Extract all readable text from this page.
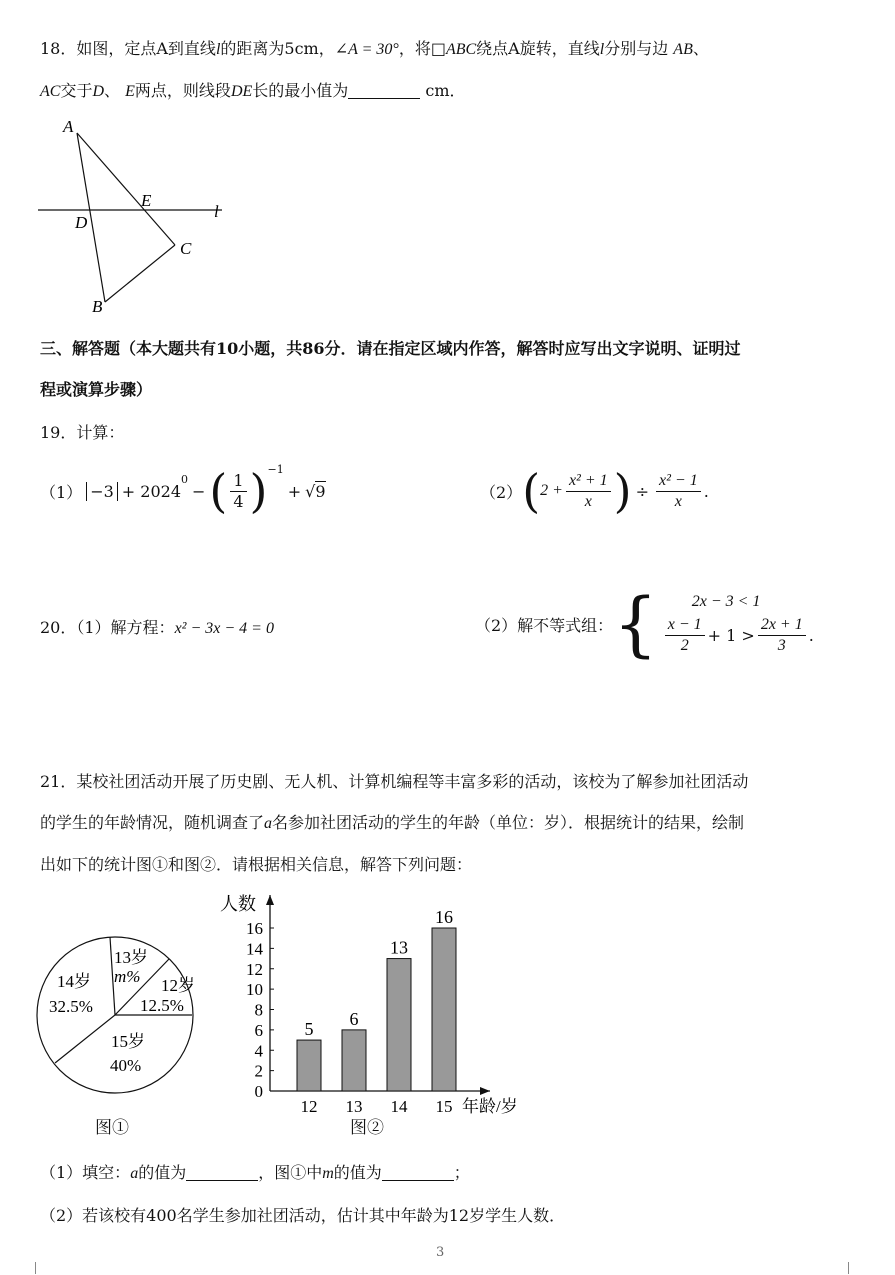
18．如图，定点A到直线l的距离为5cm，∠A = 30°，将□ABC绕点A旋转，直线l分别与边 AB、
AC交于D、 E两点，则线段DE长的最小值为	cm．
A
B
C
D
E
l
三、解答题（本大题共有10小题，共86分．请在指定区域内作答，解答时应写出文字说明、证明过
程或演算步骤）
19．计算：
（1） −3 + 2024
$^0$
− ( $\frac{1}{4} )^{-1}$
+ √9	（2） ( $2 + \frac{\text{x² + 1}}{x}$ ) ÷ $\frac{\text{x² − 1}}{x}$ .
20．（1）解方程：x² − 3x − 4 = 0	（2）解不等式组： {	2x − 3 < 1
$\frac{x - 1}{2} + 1 > \frac{2x + 1}{3}$ .
21．某校社团活动开展了历史剧、无人机、计算机编程等丰富多彩的活动，该校为了解参加社团活动
的学生的年龄情况，随机调查了a名参加社团活动的学生的年龄（单位：岁）．根据统计的结果，绘制
出如下的统计图①和图②．请根据相关信息，解答下列问题：
14岁
32.5%
15岁
40%
12岁
12.5%
13岁
m%
图①
人数
年龄/岁
0
2
4
6
8
10
12
14
16
5
12
6
13
13
14
16
15
图②
（1）填空：a的值为	，图①中m的值为	；
（2）若该校有400名学生参加社团活动，估计其中年龄为12岁学生人数．
3
